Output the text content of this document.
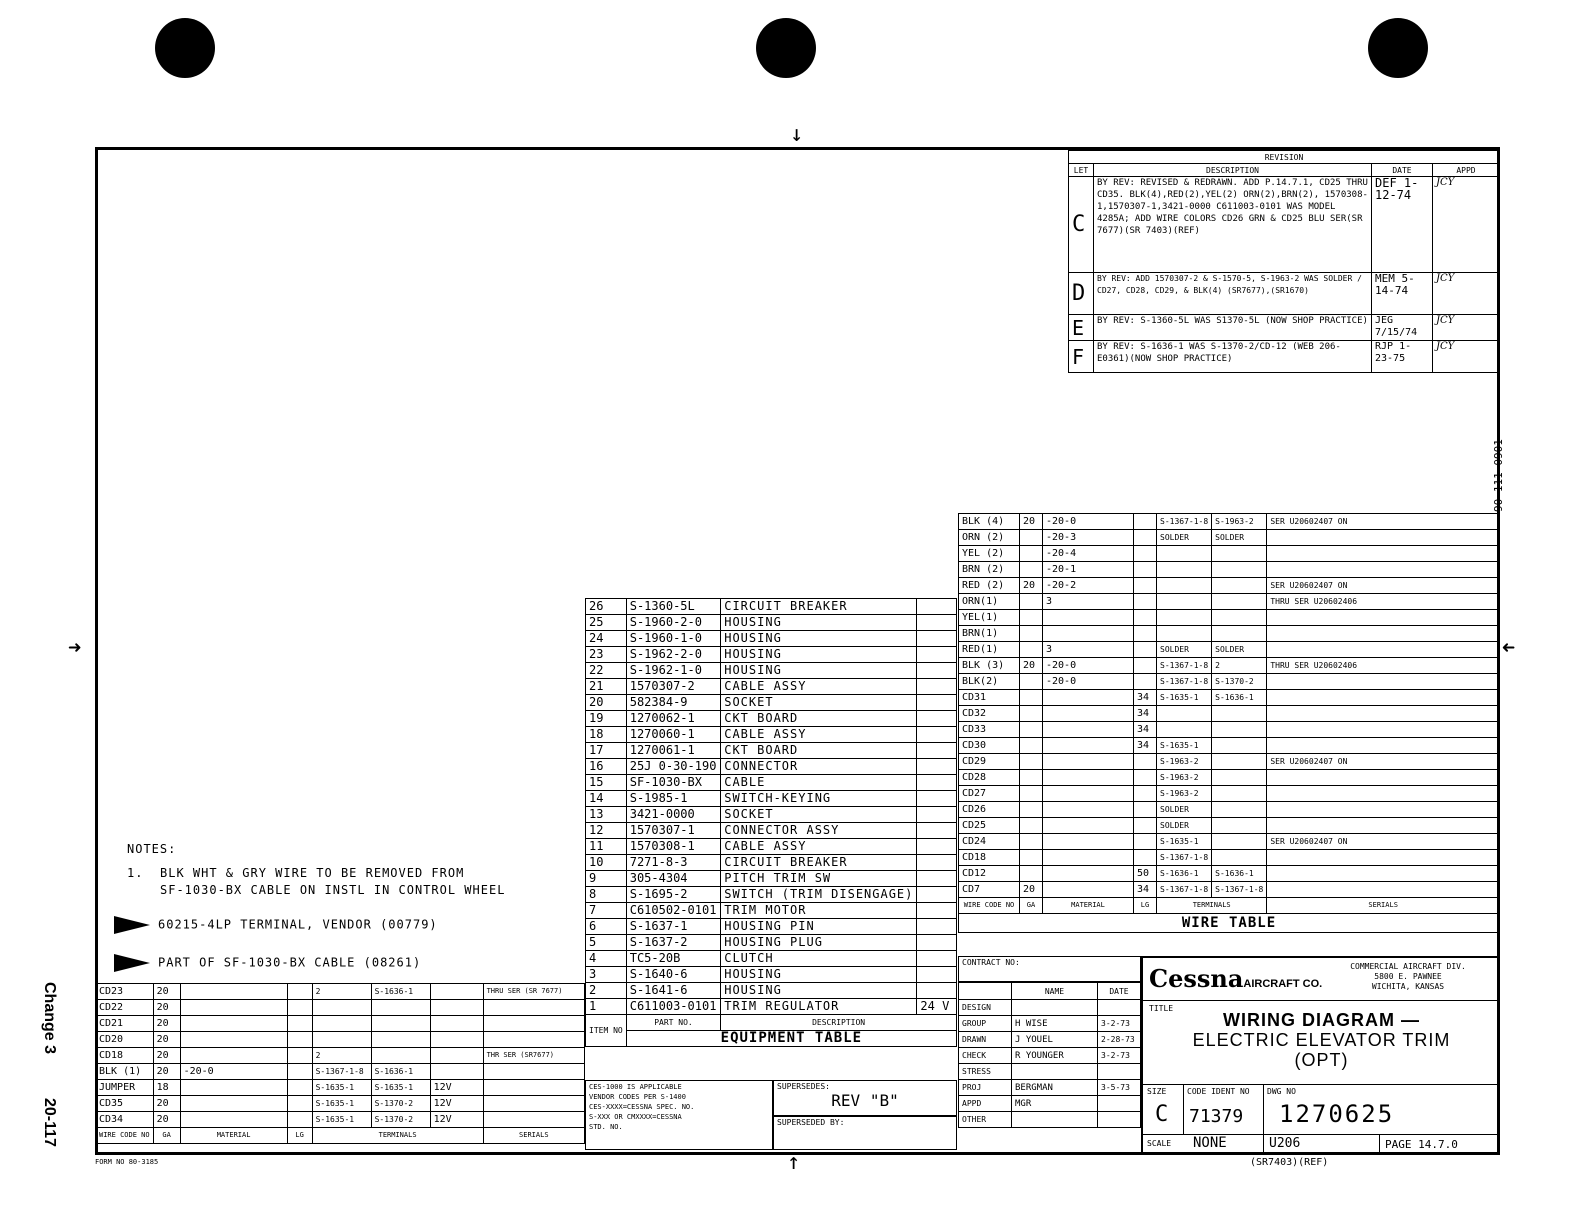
↓
↑
➜	➜
Change 3
20-117
REVISION			
LET	DESCRIPTION	DATE	APPD
C	BY REV: REVISED & REDRAWN. ADD P.14.7.1, CD25 THRU CD35. BLK(4),RED(2),YEL(2) ORN(2),BRN(2), 1570308-1,1570307-1,3421-0000 C611003-0101 WAS MODEL 4285A; ADD WIRE COLORS CD26 GRN & CD25 BLU SER(SR 7677)(SR 7403)(REF)	DEF 1-12-74	JCY
D	BY REV: ADD 1570307-2 & S-1570-5, S-1963-2 WAS SOLDER / CD27, CD28, CD29, & BLK(4) (SR7677),(SR1670)	MEM 5-14-74	JCY
E	BY REV: S-1360-5L WAS S1370-5L (NOW SHOP PRACTICE)	JEG 7/15/74	JCY
F	BY REV: S-1636-1 WAS S-1370-2/CD-12 (WEB 206-E0361)(NOW SHOP PRACTICE)	RJP 1-23-75	JCY
90-111-0901
26	S-1360-5L	CIRCUIT BREAKER	
25	S-1960-2-0	HOUSING	
24	S-1960-1-0	HOUSING	
23	S-1962-2-0	HOUSING	
22	S-1962-1-0	HOUSING	
21	1570307-2	CABLE ASSY	
20	582384-9	SOCKET	
19	1270062-1	CKT BOARD	
18	1270060-1	CABLE ASSY	
17	1270061-1	CKT BOARD	
16	25J 0-30-190	CONNECTOR	
15	SF-1030-BX	CABLE	
14	S-1985-1	SWITCH-KEYING	
13	3421-0000	SOCKET	
12	1570307-1	CONNECTOR ASSY	
11	1570308-1	CABLE ASSY	
10	7271-8-3	CIRCUIT BREAKER	
9	305-4304	PITCH TRIM SW	
8	S-1695-2	SWITCH (TRIM DISENGAGE)	
7	C610502-0101	TRIM MOTOR	
6	S-1637-1	HOUSING PIN	
5	S-1637-2	HOUSING PLUG	
4	TC5-20B	CLUTCH	
3	S-1640-6	HOUSING	
2	S-1641-6	HOUSING	
1	C611003-0101	TRIM REGULATOR	24 V
ITEM NO	PART NO.	DESCRIPTION	
	EQUIPMENT TABLE		
BLK (4)	20	-20-0		S-1367-1-8	S-1963-2	SER U20602407 ON
ORN (2)		-20-3		SOLDER	SOLDER	
YEL (2)		-20-4				
BRN (2)		-20-1				
RED (2)	20	-20-2				SER U20602407 ON
ORN(1)		3				THRU SER U20602406
YEL(1)						
BRN(1)						
RED(1)		3		SOLDER	SOLDER	
BLK (3)	20	-20-0		S-1367-1-8	2	THRU SER U20602406
BLK(2)		-20-0		S-1367-1-8	S-1370-2	
CD31			34	S-1635-1	S-1636-1	
CD32			34			
CD33			34			
CD30			34	S-1635-1		
CD29				S-1963-2		SER U20602407 ON
CD28				S-1963-2		
CD27				S-1963-2		
CD26				SOLDER		
CD25				SOLDER		
CD24				S-1635-1		SER U20602407 ON
CD18				S-1367-1-8		
CD12			50	S-1636-1	S-1636-1	
CD7	20		34	S-1367-1-8	S-1367-1-8	
WIRE CODE NO	GA	MATERIAL	LG	TERMINALS		SERIALS
WIRE TABLE						
CD23	20			2	S-1636-1		THRU SER (SR 7677)
CD22	20						
CD21	20						
CD20	20						
CD18	20			2			THR SER (SR7677)
BLK (1)	20	-20-0		S-1367-1-8	S-1636-1		
JUMPER	18			S-1635-1	S-1635-1	12V	
CD35	20			S-1635-1	S-1370-2	12V	
CD34	20			S-1635-1	S-1370-2	12V	
WIRE CODE NO	GA	MATERIAL	LG	TERMINALS			SERIALS
FORM NO 80-3185
NOTES:
1. BLK WHT & GRY WIRE TO BE REMOVED FROM
SF-1030-BX CABLE ON INSTL IN CONTROL WHEEL
60215-4LP TERMINAL, VENDOR (00779)
PART OF SF-1030-BX CABLE (08261)
CES-1000 IS APPLICABLE
VENDOR CODES PER S-1400
CES-XXXX=CESSNA SPEC. NO.
S-XXX OR CMXXXX=CESSNA
STD. NO.
SUPERSEDES:
REV "B"
SUPERSEDED BY:
CONTRACT NO:
	NAME	DATE
DESIGN		
GROUP	H WISE	3-2-73
DRAWN	J YOUEL	2-28-73
CHECK	R YOUNGER	3-2-73
STRESS		
PROJ	BERGMAN	3-5-73
APPD	MGR	
OTHER		
CessnaAIRCRAFT CO.
COMMERCIAL AIRCRAFT DIV.
5800 E. PAWNEE
WICHITA, KANSAS
TITLE
WIRING DIAGRAM —
ELECTRIC ELEVATOR TRIM
(OPT)
SIZE
C
CODE IDENT NO
71379
DWG NO
1270625
SCALE NONE	U206	PAGE 14.7.0
(SR7403)(REF)
